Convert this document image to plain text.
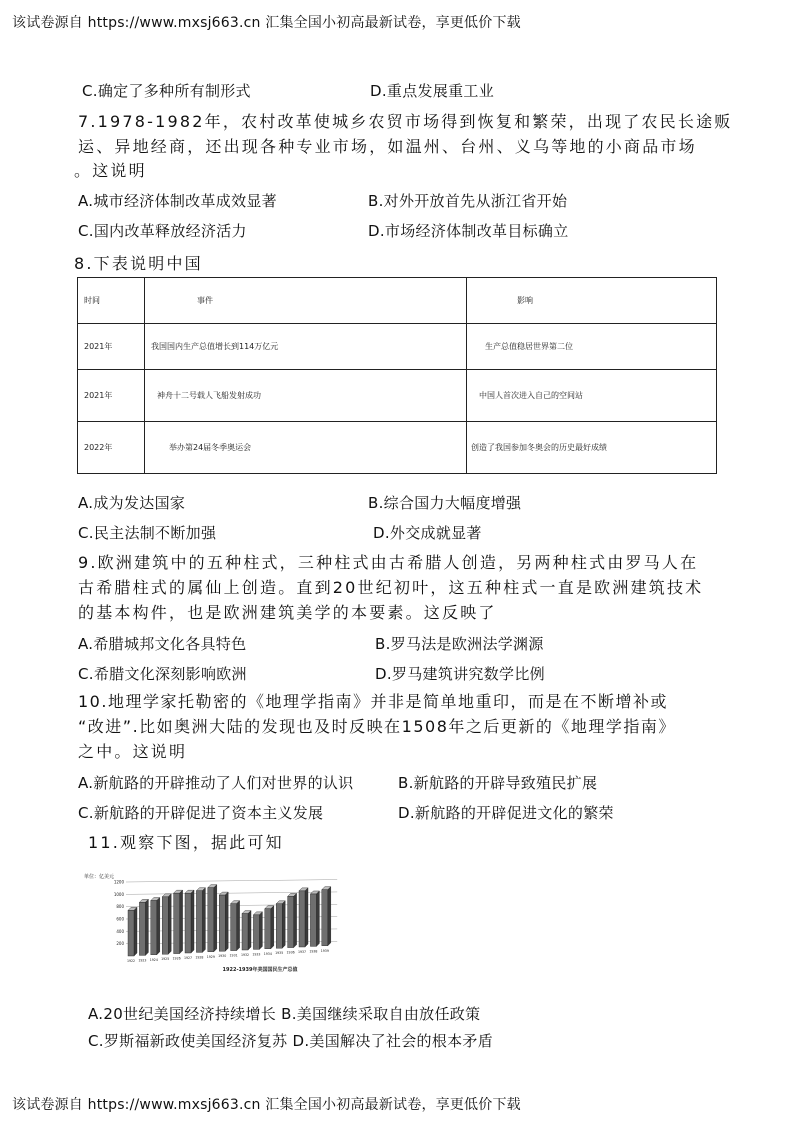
该试卷源自 https://www.mxsj663.cn 汇集全国小初高最新试卷，享更低价下载
C.确定了多种所有制形式	D.重点发展重工业
7.1978-1982年，农村改革使城乡农贸市场得到恢复和繁荣，出现了农民长途贩
运、异地经商，还出现各种专业市场，如温州、台州、义乌等地的小商品市场
。这说明
A.城市经济体制改革成效显著	B.对外开放首先从浙江省开始
C.国内改革释放经济活力	D.市场经济体制改革目标确立
8.下表说明中国
时间	事件	影响
2021年	我国国内生产总值增长到114万亿元	生产总值稳居世界第二位
2021年	神舟十二号载人飞船发射成功	中国人首次进入自己的空间站
2022年	举办第24届冬季奥运会	创造了我国参加冬奥会的历史最好成绩
A.成为发达国家	B.综合国力大幅度增强
C.民主法制不断加强	D.外交成就显著
9.欧洲建筑中的五种柱式，三种柱式由古希腊人创造，另两种柱式由罗马人在
古希腊柱式的属仙上创造。直到20世纪初叶，这五种柱式一直是欧洲建筑技术
的基本构件，也是欧洲建筑美学的本要素。这反映了
A.希腊城邦文化各具特色	B.罗马法是欧洲法学渊源
C.希腊文化深刻影响欧洲	D.罗马建筑讲究数学比例
10.地理学家托勒密的《地理学指南》并非是简单地重印，而是在不断增补或
“改进”.比如奥洲大陆的发现也及时反映在1508年之后更新的《地理学指南》
之中。这说明
A.新航路的开辟推动了人们对世界的认识	B.新航路的开辟导致殖民扩展
C.新航路的开辟促进了资本主义发展	D.新航路的开辟促进文化的繁荣
11.观察下图，据此可知
单位：亿美元
1200
1000
800
600
400
200
1922 1923 1924 1925 1926 1927 1928 1929 1930 1931 1932 1933 1934 1935 1936 1937 1938 1939
1922-1939年美国国民生产总值
A.20世纪美国经济持续增长 B.美国继续采取自由放任政策
C.罗斯福新政使美国经济复苏 D.美国解决了社会的根本矛盾
该试卷源自 https://www.mxsj663.cn 汇集全国小初高最新试卷，享更低价下载
